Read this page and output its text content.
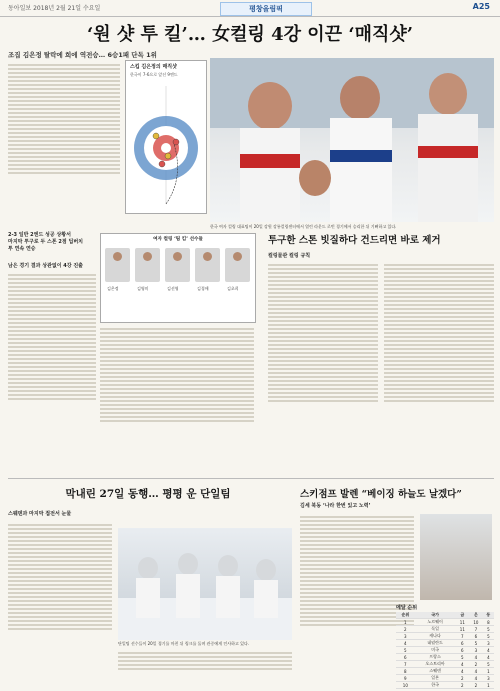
동아일보 2018년 2월 21일 수요일	평창올림픽	A25
‘원 샷 투 킬’… 女컬링 4강 이끈 ‘매직샷’
조집 김은정 탈락에 희에 역전승… 6승1패 단독 1위
스킵 김은정의 매직샷
한국이 7-6으로 앞선 9엔드
한국 여자 컬링 대표팀이 20일 강원 강릉컬링센터에서 열린 라운드 로빈 경기에서 승리한 뒤 기뻐하고 있다.
2-3 일반 2엔드 성공 상황서
마지막 투구로 두 스톤 2점 딥버치
투 연속 연승
남은 경기 결과 상관없이 4강 진출
여자 컬링 ‘팀 킴’ 선수들
김은정	김영미	김선영	김경애	김초희
투구한 스톤 빗질하다 건드리면 바로 제거
컬링물관 컬링 규칙
막내린 27일 동행… 평평 운 단일팀
스웨덴과 마지막 접전서 눈물
단일팀 선수들이 20일 경기를 마친 뒤 링크를 돌며 관중에게 인사하고 있다.
스키점프 발렌 “베이징 하늘도 날겠다”
김세 북동 ‘나라 한번 있고 노력’
메달 순위
순위	국가	금	은	동
1	노르웨이	11	10	8
2	독일	11	7	5
3	캐나다	7	6	5
4	네덜란드	6	5	3
5	미국	6	3	4
6	프랑스	5	4	4
7	오스트리아	4	2	5
8	스웨덴	4	4	1
9	일본	2	4	3
10	한국	2	2	1
